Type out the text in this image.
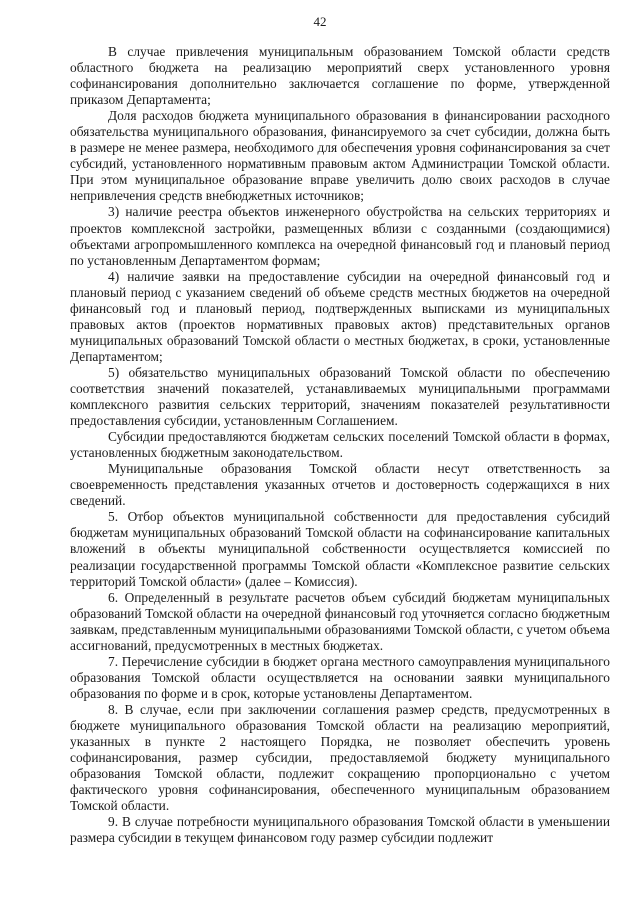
42

В случае привлечения муниципальным образованием Томской области средств областного бюджета на реализацию мероприятий сверх установленного уровня софинансирования дополнительно заключается соглашение по форме, утвержденной приказом Департамента;

Доля расходов бюджета муниципального образования в финансировании расходного обязательства муниципального образования, финансируемого за счет субсидии, должна быть в размере не менее размера, необходимого для обеспечения уровня софинансирования за счет субсидий, установленного нормативным правовым актом Администрации Томской области. При этом муниципальное образование вправе увеличить долю своих расходов в случае непривлечения средств внебюджетных источников;

3) наличие реестра объектов инженерного обустройства на сельских территориях и проектов комплексной застройки, размещенных вблизи с созданными (создающимися) объектами агропромышленного комплекса на очередной финансовый год и плановый период по установленным Департаментом формам;

4) наличие заявки на предоставление субсидии на очередной финансовый год и плановый период с указанием сведений об объеме средств местных бюджетов на очередной финансовый год и плановый период, подтвержденных выписками из муниципальных правовых актов (проектов нормативных правовых актов) представительных органов муниципальных образований Томской области о местных бюджетах, в сроки, установленные Департаментом;

5) обязательство муниципальных образований Томской области по обеспечению соответствия значений показателей, устанавливаемых муниципальными программами комплексного развития сельских территорий, значениям показателей результативности предоставления субсидии, установленным Соглашением.

Субсидии предоставляются бюджетам сельских поселений Томской области в формах, установленных бюджетным законодательством.

Муниципальные образования Томской области несут ответственность за своевременность представления указанных отчетов и достоверность содержащихся в них сведений.

5. Отбор объектов муниципальной собственности для предоставления субсидий бюджетам муниципальных образований Томской области на софинансирование капитальных вложений в объекты муниципальной собственности осуществляется комиссией по реализации государственной программы Томской области «Комплексное развитие сельских территорий Томской области» (далее – Комиссия).

6. Определенный в результате расчетов объем субсидий бюджетам муниципальных образований Томской области на очередной финансовый год уточняется согласно бюджетным заявкам, представленным муниципальными образованиями Томской области, с учетом объема ассигнований, предусмотренных в местных бюджетах.

7. Перечисление субсидии в бюджет органа местного самоуправления муниципального образования Томской области осуществляется на основании заявки муниципального образования по форме и в срок, которые установлены Департаментом.

8. В случае, если при заключении соглашения размер средств, предусмотренных в бюджете муниципального образования Томской области на реализацию мероприятий, указанных в пункте 2 настоящего Порядка, не позволяет обеспечить уровень софинансирования, размер субсидии, предоставляемой бюджету муниципального образования Томской области, подлежит сокращению пропорционально с учетом фактического уровня софинансирования, обеспеченного муниципальным образованием Томской области.

9. В случае потребности муниципального образования Томской области в уменьшении размера субсидии в текущем финансовом году размер субсидии подлежит
